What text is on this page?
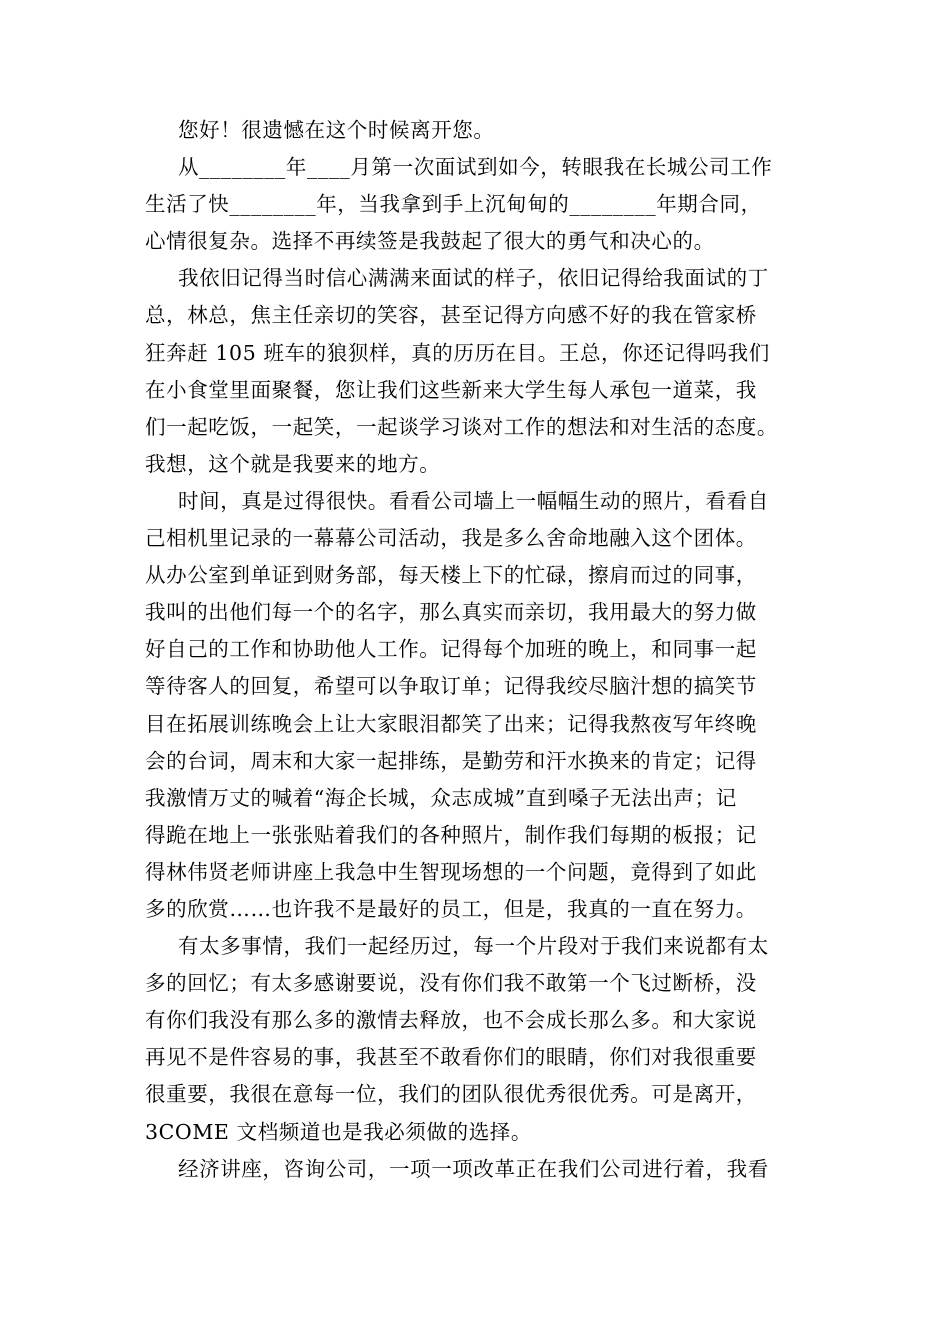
您好！很遗憾在这个时候离开您。

从________年____月第一次面试到如今，转眼我在长城公司工作
生活了快________年，当我拿到手上沉甸甸的________年期合同，
心情很复杂。选择不再续签是我鼓起了很大的勇气和决心的。

我依旧记得当时信心满满来面试的样子，依旧记得给我面试的丁
总，林总，焦主任亲切的笑容，甚至记得方向感不好的我在管家桥
狂奔赶 105 班车的狼狈样，真的历历在目。王总，你还记得吗我们
在小食堂里面聚餐，您让我们这些新来大学生每人承包一道菜，我
们一起吃饭，一起笑，一起谈学习谈对工作的想法和对生活的态度。
我想，这个就是我要来的地方。

时间，真是过得很快。看看公司墙上一幅幅生动的照片，看看自
己相机里记录的一幕幕公司活动，我是多么舍命地融入这个团体。
从办公室到单证到财务部，每天楼上下的忙碌，擦肩而过的同事，
我叫的出他们每一个的名字，那么真实而亲切，我用最大的努力做
好自己的工作和协助他人工作。记得每个加班的晚上，和同事一起
等待客人的回复，希望可以争取订单；记得我绞尽脑汁想的搞笑节
目在拓展训练晚会上让大家眼泪都笑了出来；记得我熬夜写年终晚
会的台词，周末和大家一起排练，是勤劳和汗水换来的肯定；记得
我激情万丈的喊着“海企长城，众志成城”直到嗓子无法出声；记
得跪在地上一张张贴着我们的各种照片，制作我们每期的板报；记
得林伟贤老师讲座上我急中生智现场想的一个问题，竟得到了如此
多的欣赏……也许我不是最好的员工，但是，我真的一直在努力。

有太多事情，我们一起经历过，每一个片段对于我们来说都有太
多的回忆；有太多感谢要说，没有你们我不敢第一个飞过断桥，没
有你们我没有那么多的激情去释放，也不会成长那么多。和大家说
再见不是件容易的事，我甚至不敢看你们的眼睛，你们对我很重要
很重要，我很在意每一位，我们的团队很优秀很优秀。可是离开，
3COME 文档频道也是我必须做的选择。

经济讲座，咨询公司，一项一项改革正在我们公司进行着，我看
